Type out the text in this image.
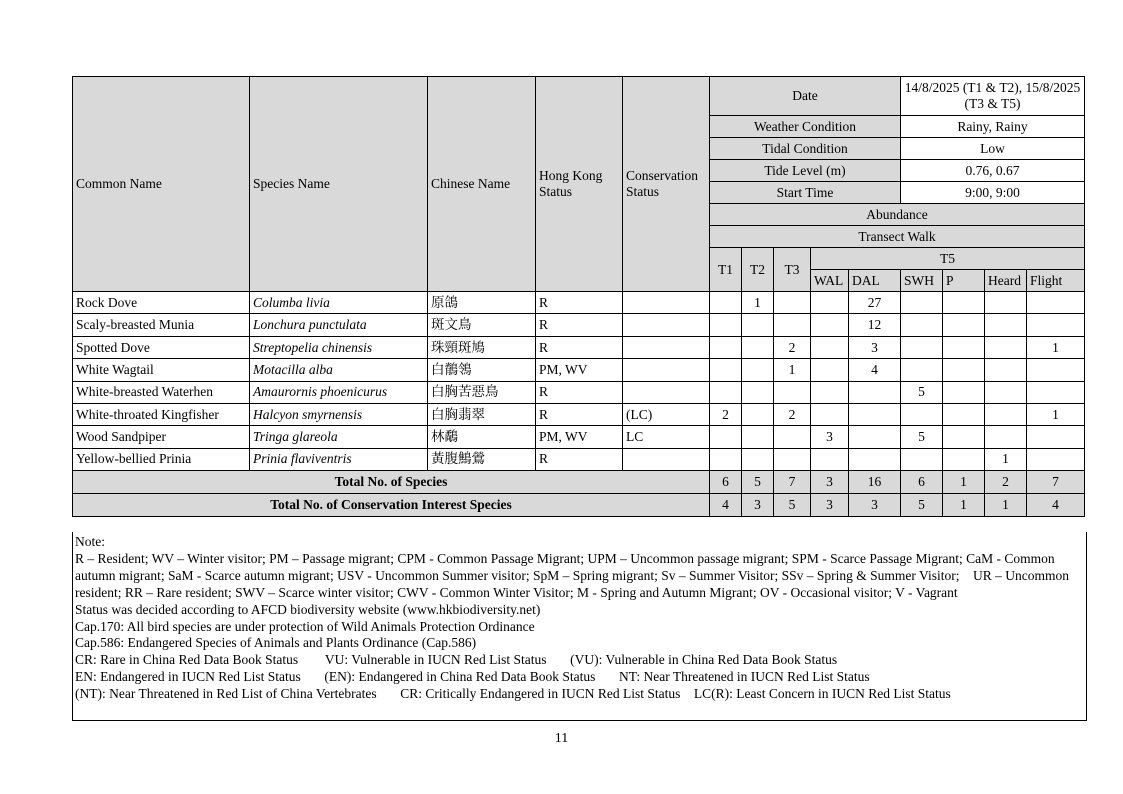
Common Name	Species Name	Chinese Name	Hong Kong Status	Conservation Status	Date					14/8/2025 (T1 & T2), 15/8/2025 (T3 & T5)			
					Weather Condition					Rainy, Rainy			
					Tidal Condition					Low			
					Tide Level (m)					0.76, 0.67			
					Start Time					9:00, 9:00			
					Abundance								
					Transect Walk								
					T1	T2	T3	T5					
								WAL	DAL	SWH	P	Heard	Flight
Rock Dove	Columba livia	原鴿	R			1			27				
Scaly-breasted Munia	Lonchura punctulata	斑文鳥	R						12				
Spotted Dove	Streptopelia chinensis	珠頸斑鳩	R				2		3				1
White Wagtail	Motacilla alba	白鶺鴒	PM, WV				1		4				
White-breasted Waterhen	Amaurornis phoenicurus	白胸苦惡鳥	R							5			
White-throated Kingfisher	Halcyon smyrnensis	白胸翡翠	R	(LC)	2		2						1
Wood Sandpiper	Tringa glareola	林鷸	PM, WV	LC				3		5			
Yellow-bellied Prinia	Prinia flaviventris	黃腹鷦鶯	R									1	
Total No. of Species					6	5	7	3	16	6	1	2	7
Total No. of Conservation Interest Species					4	3	5	3	3	5	1	1	4

Note:

R – Resident; WV – Winter visitor; PM – Passage migrant; CPM - Common Passage Migrant; UPM – Uncommon passage migrant; SPM - Scarce Passage Migrant; CaM - Common autumn migrant; SaM - Scarce autumn migrant; USV - Uncommon Summer visitor; SpM – Spring migrant; Sv – Summer Visitor; SSv – Spring & Summer Visitor;    UR – Uncommon resident; RR – Rare resident; SWV – Scarce winter visitor; CWV - Common Winter Visitor; M - Spring and Autumn Migrant; OV - Occasional visitor; V - Vagrant

Status was decided according to AFCD biodiversity website (www.hkbiodiversity.net)

Cap.170: All bird species are under protection of Wild Animals Protection Ordinance

Cap.586: Endangered Species of Animals and Plants Ordinance (Cap.586)

CR: Rare in China Red Data Book Status        VU: Vulnerable in IUCN Red List Status       (VU): Vulnerable in China Red Data Book Status

EN: Endangered in IUCN Red List Status       (EN): Endangered in China Red Data Book Status       NT: Near Threatened in IUCN Red List Status

(NT): Near Threatened in Red List of China Vertebrates       CR: Critically Endangered in IUCN Red List Status    LC(R): Least Concern in IUCN Red List Status

11
